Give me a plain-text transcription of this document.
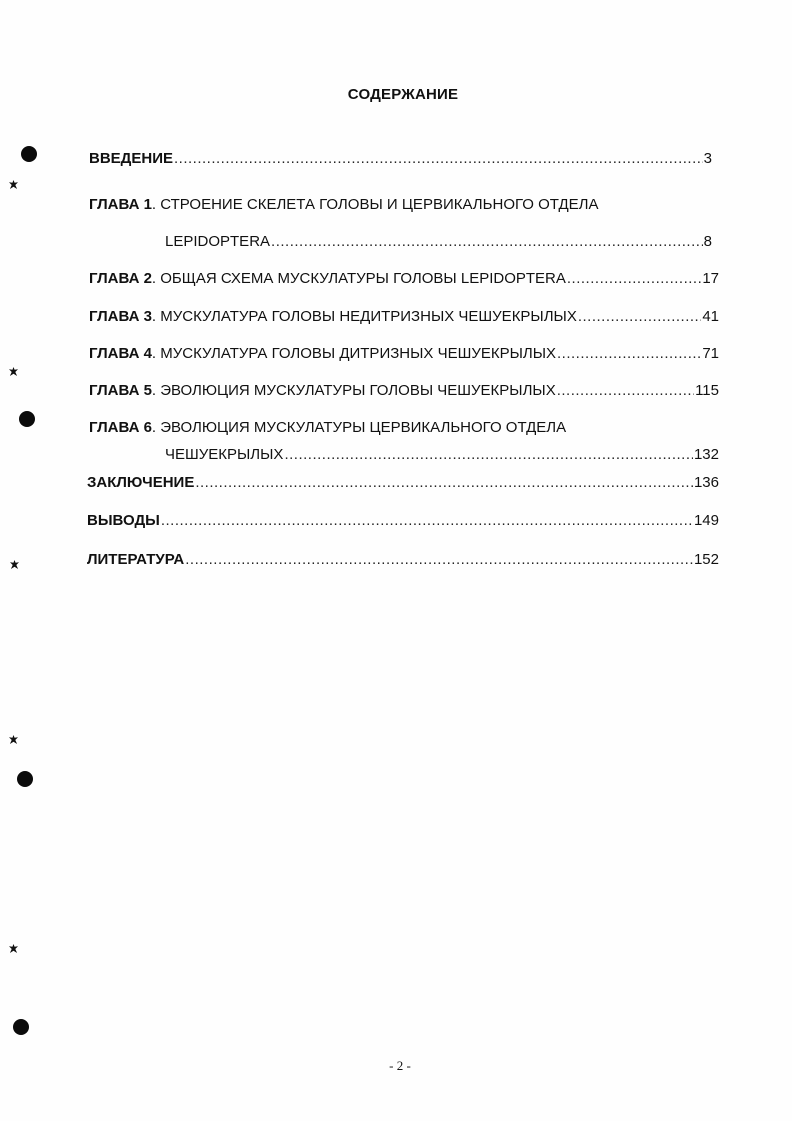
СОДЕРЖАНИЕ
ВВЕДЕНИЕ .....	3
ГЛАВА 1. СТРОЕНИЕ СКЕЛЕТА ГОЛОВЫ И ЦЕРВИКАЛЬНОГО ОТДЕЛА
LEPIDOPTERA .....	8
ГЛАВА 2. ОБЩАЯ СХЕМА МУСКУЛАТУРЫ ГОЛОВЫ LEPIDOPTERA .....	17
ГЛАВА 3. МУСКУЛАТУРА ГОЛОВЫ НЕДИТРИЗНЫХ ЧЕШУЕКРЫЛЫХ .....	41
ГЛАВА 4. МУСКУЛАТУРА ГОЛОВЫ ДИТРИЗНЫХ ЧЕШУЕКРЫЛЫХ .....	71
ГЛАВА 5. ЭВОЛЮЦИЯ МУСКУЛАТУРЫ ГОЛОВЫ ЧЕШУЕКРЫЛЫХ .....	115
ГЛАВА 6. ЭВОЛЮЦИЯ МУСКУЛАТУРЫ ЦЕРВИКАЛЬНОГО ОТДЕЛА
ЧЕШУЕКРЫЛЫХ .....	132
ЗАКЛЮЧЕНИЕ .....	136
ВЫВОДЫ .....	149
ЛИТЕРАТУРА .....	152
- 2 -
